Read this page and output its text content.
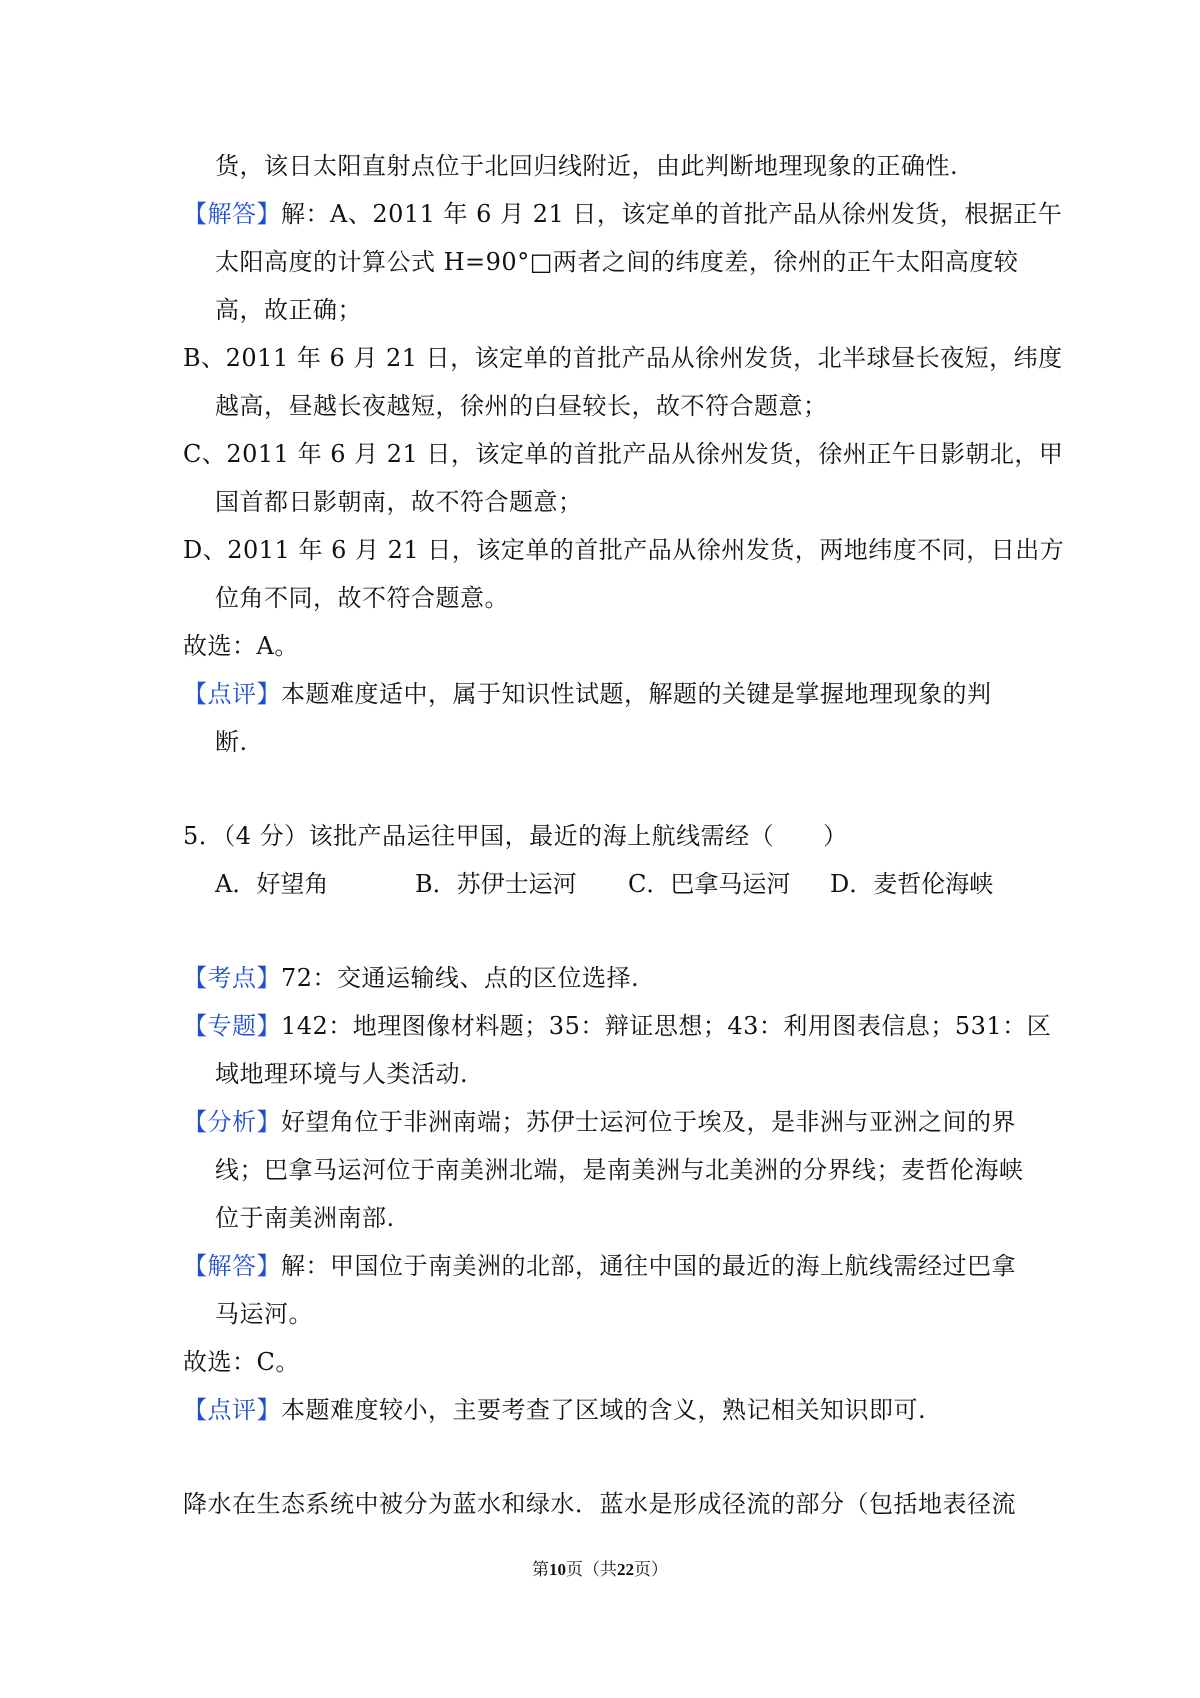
货，该日太阳直射点位于北回归线附近，由此判断地理现象的正确性.
【解答】解：A、2011 年 6 月 21 日，该定单的首批产品从徐州发货，根据正午
太阳高度的计算公式 H=90°□两者之间的纬度差，徐州的正午太阳高度较
高，故正确；
B、2011 年 6 月 21 日，该定单的首批产品从徐州发货，北半球昼长夜短，纬度
越高，昼越长夜越短，徐州的白昼较长，故不符合题意；
C、2011 年 6 月 21 日，该定单的首批产品从徐州发货，徐州正午日影朝北，甲
国首都日影朝南，故不符合题意；
D、2011 年 6 月 21 日，该定单的首批产品从徐州发货，两地纬度不同，日出方
位角不同，故不符合题意。
故选：A。
【点评】本题难度适中，属于知识性试题，解题的关键是掌握地理现象的判
断.
5．（4 分）该批产品运往甲国，最近的海上航线需经（　　）
A．好望角	B．苏伊士运河 C．巴拿马运河 D．麦哲伦海峡
【考点】72：交通运输线、点的区位选择.
【专题】142：地理图像材料题；35：辩证思想；43：利用图表信息；531：区
域地理环境与人类活动.
【分析】好望角位于非洲南端；苏伊士运河位于埃及，是非洲与亚洲之间的界
线；巴拿马运河位于南美洲北端，是南美洲与北美洲的分界线；麦哲伦海峡
位于南美洲南部.
【解答】解：甲国位于南美洲的北部，通往中国的最近的海上航线需经过巴拿
马运河。
故选：C。
【点评】本题难度较小，主要考查了区域的含义，熟记相关知识即可.
降水在生态系统中被分为蓝水和绿水．蓝水是形成径流的部分（包括地表径流
第10页（共22页）
